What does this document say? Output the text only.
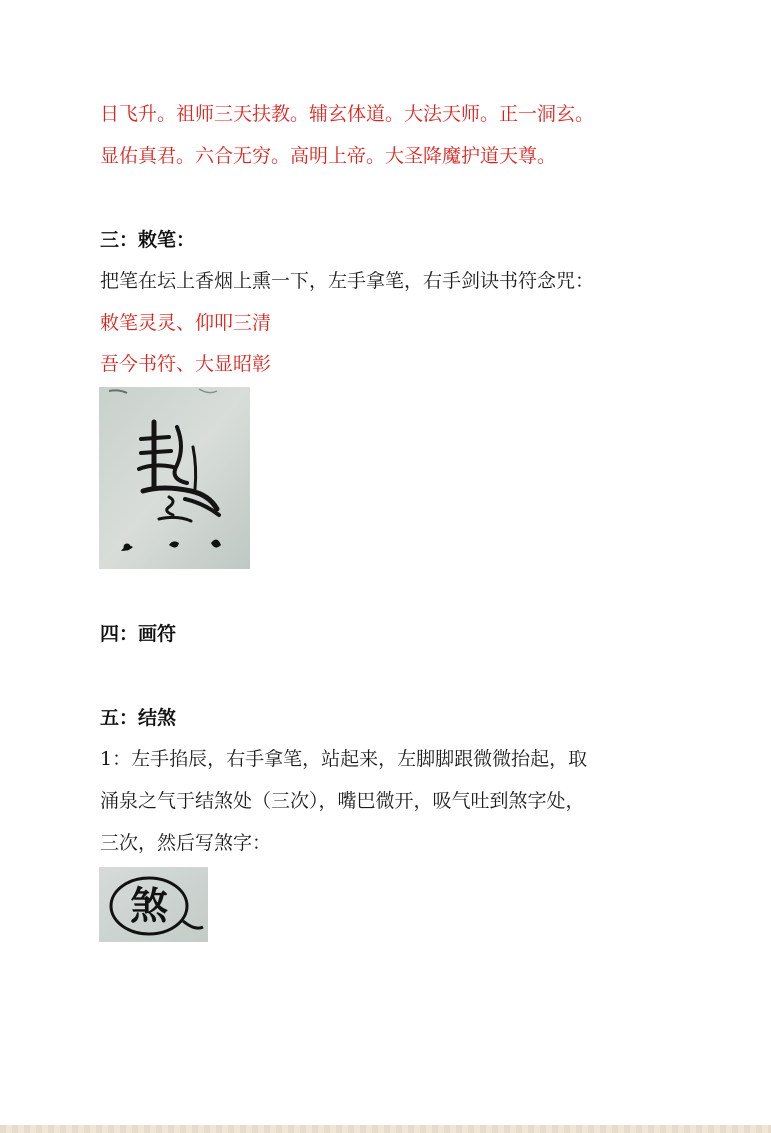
日飞升。祖师三天扶教。辅玄体道。大法天师。正一洞玄。
显佑真君。六合无穷。高明上帝。大圣降魔护道天尊。
三：敕笔：
把笔在坛上香烟上熏一下，左手拿笔，右手剑诀书符念咒：
敕笔灵灵、仰叩三清
吾今书符、大显昭彰
四：画符
五：结煞
1：左手掐辰，右手拿笔，站起来，左脚脚跟微微抬起，取
涌泉之气于结煞处（三次），嘴巴微开，吸气吐到煞字处，
三次，然后写煞字：
煞
